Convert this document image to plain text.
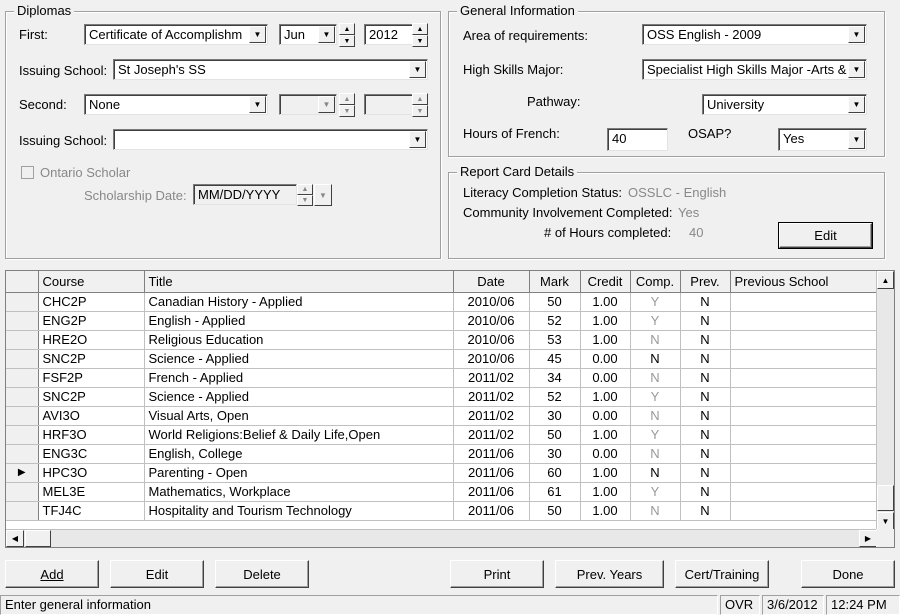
Diplomas
First:	Certificate of Accomplishm	▼	Jun	▼
▲
▼	2012	▲
▼
Issuing School: St Joseph's SS	▼
Second:	None	▼	▼
▲
▼
▲
▼
Issuing School:	▼
Ontario Scholar
Scholarship Date: MM/DD/YYYY	▲
▼
▼
General Information
Area of requirements:	OSS English - 2009	▼
High Skills Major:	Specialist High Skills Major -Arts & ▼
Pathway:	University	▼
Hours of French:	40	OSAP?	Yes	▼
Report Card Details
Literacy Completion Status: OSSLC - English
Community Involvement Completed: Yes
# of Hours completed: 40	Edit
	Course	Title	Date	Mark	Credit	Comp.	Prev.	Previous School
	CHC2P	Canadian History - Applied	2010/06	50	1.00	Y	N	
	ENG2P	English - Applied	2010/06	52	1.00	Y	N	
	HRE2O	Religious Education	2010/06	53	1.00	N	N	
	SNC2P	Science - Applied	2010/06	45	0.00	N	N	
	FSF2P	French - Applied	2011/02	34	0.00	N	N	
	SNC2P	Science - Applied	2011/02	52	1.00	Y	N	
	AVI3O	Visual Arts, Open	2011/02	30	0.00	N	N	
	HRF3O	World Religions:Belief & Daily Life,Open	2011/02	50	1.00	Y	N	
	ENG3C	English, College	2011/06	30	0.00	N	N	

▶	HPC3O	Parenting - Open	2011/06	60	1.00	N	N	
	MEL3E	Mathematics, Workplace	2011/06	61	1.00	Y	N	
	TFJ4C	Hospitality and Tourism Technology	2011/06	50	1.00	N	N	
▲
▼
◀	▶
Add	Edit	Delete	Print	Prev. Years	Cert/Training	Done
Enter general information	OVR	3/6/2012	12:24 PM
